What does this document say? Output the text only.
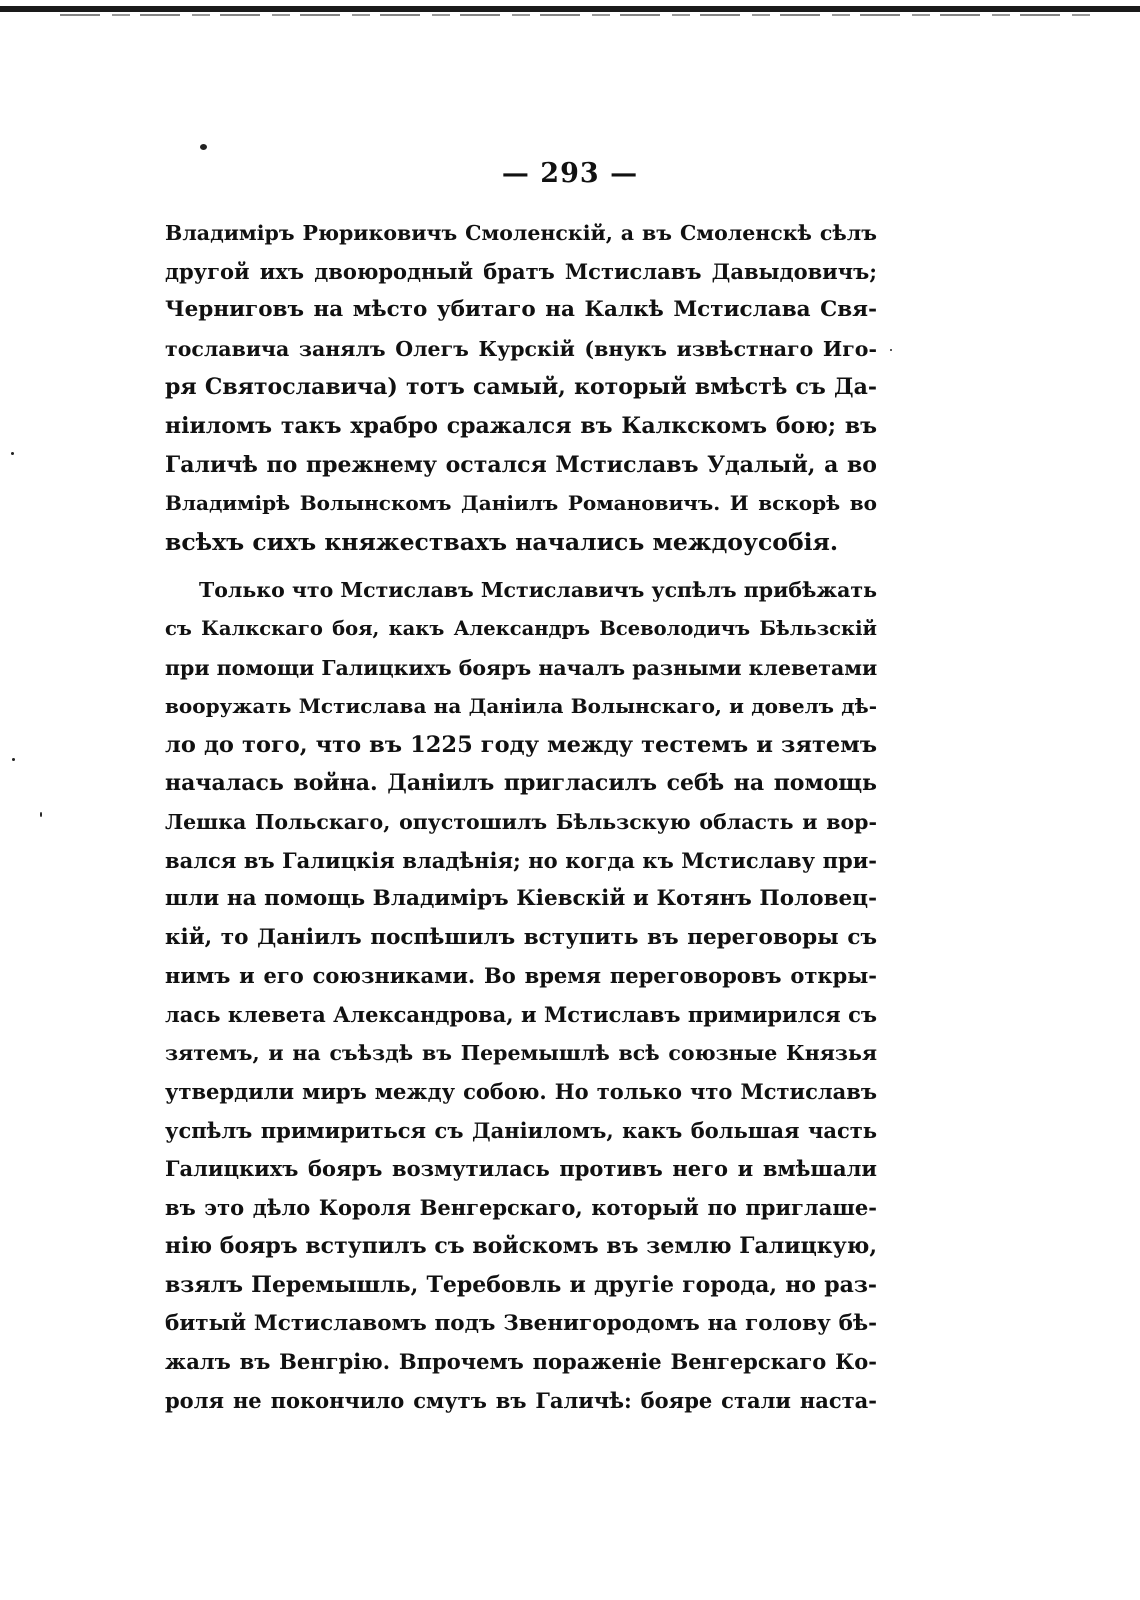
— 293 —
Владиміръ Рюриковичъ Смоленскій, а въ Смоленскѣ сѣлъ
другой ихъ двоюродный братъ Мстиславъ Давыдовичъ;
Черниговъ на мѣсто убитаго на Калкѣ Мстислава Свя-
тославича занялъ Олегъ Курскій (внукъ извѣстнаго Иго-
ря Святославича) тотъ самый, который вмѣстѣ съ Да-
ніиломъ такъ храбро сражался въ Калкскомъ бою; въ
Галичѣ по прежнему остался Мстиславъ Удалый, а во
Владимірѣ Волынскомъ Даніилъ Романовичъ. И вскорѣ во
всѣхъ сихъ княжествахъ начались междоусобія.
Только что Мстиславъ Мстиславичъ успѣлъ прибѣжать
съ Калкскаго боя, какъ Александръ Всеволодичъ Бѣльзскій
при помощи Галицкихъ бояръ началъ разными клеветами
вооружать Мстислава на Даніила Волынскаго, и довелъ дѣ-
ло до того, что въ 1225 году между тестемъ и зятемъ
началась война. Даніилъ пригласилъ себѣ на помощь
Лешка Польскаго, опустошилъ Бѣльзскую область и вор-
вался въ Галицкія владѣнія; но когда къ Мстиславу при-
шли на помощь Владиміръ Кіевскій и Котянъ Половец-
кій, то Даніилъ поспѣшилъ вступить въ переговоры съ
нимъ и его союзниками. Во время переговоровъ откры-
лась клевета Александрова, и Мстиславъ примирился съ
зятемъ, и на съѣздѣ въ Перемышлѣ всѣ союзные Князья
утвердили миръ между собою. Но только что Мстиславъ
успѣлъ примириться съ Даніиломъ, какъ большая часть
Галицкихъ бояръ возмутилась противъ него и вмѣшали
въ это дѣло Короля Венгерскаго, который по приглаше-
нію бояръ вступилъ съ войскомъ въ землю Галицкую,
взялъ Перемышль, Теребовль и другіе города, но раз-
битый Мстиславомъ подъ Звенигородомъ на голову бѣ-
жалъ въ Венгрію. Впрочемъ пораженіе Венгерскаго Ко-
роля не покончило смутъ въ Галичѣ: бояре стали наста-
